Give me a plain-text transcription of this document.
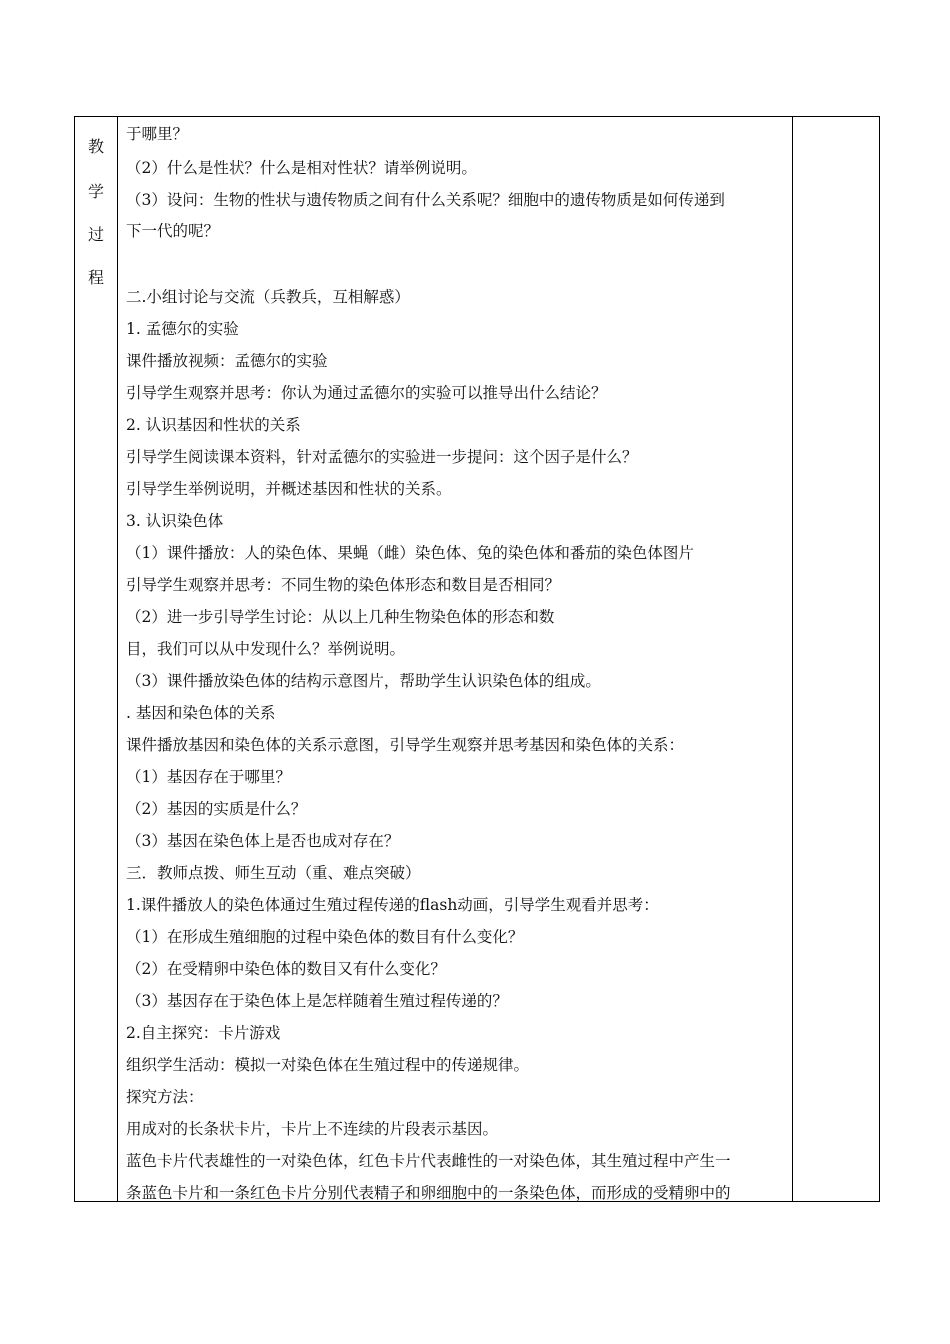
教
学
过
程
于哪里？
（2）什么是性状？什么是相对性状？请举例说明。
（3）设问：生物的性状与遗传物质之间有什么关系呢？细胞中的遗传物质是如何传递到
下一代的呢？
二.小组讨论与交流（兵教兵，互相解惑）
1. 孟德尔的实验
课件播放视频：孟德尔的实验
引导学生观察并思考：你认为通过孟德尔的实验可以推导出什么结论？
2. 认识基因和性状的关系
引导学生阅读课本资料，针对孟德尔的实验进一步提问：这个因子是什么？
引导学生举例说明，并概述基因和性状的关系。
3. 认识染色体
（1）课件播放：人的染色体、果蝇（雌）染色体、兔的染色体和番茄的染色体图片
引导学生观察并思考：不同生物的染色体形态和数目是否相同？
（2）进一步引导学生讨论：从以上几种生物染色体的形态和数
目，我们可以从中发现什么？举例说明。
（3）课件播放染色体的结构示意图片，帮助学生认识染色体的组成。
. 基因和染色体的关系
课件播放基因和染色体的关系示意图，引导学生观察并思考基因和染色体的关系：
（1）基因存在于哪里？
（2）基因的实质是什么？
（3）基因在染色体上是否也成对存在？
三．教师点拨、师生互动（重、难点突破）
1.课件播放人的染色体通过生殖过程传递的flash动画，引导学生观看并思考：
（1）在形成生殖细胞的过程中染色体的数目有什么变化？
（2）在受精卵中染色体的数目又有什么变化？
（3）基因存在于染色体上是怎样随着生殖过程传递的？
2.自主探究：卡片游戏
组织学生活动：模拟一对染色体在生殖过程中的传递规律。
探究方法：
用成对的长条状卡片，卡片上不连续的片段表示基因。
蓝色卡片代表雄性的一对染色体，红色卡片代表雌性的一对染色体，其生殖过程中产生一
条蓝色卡片和一条红色卡片分别代表精子和卵细胞中的一条染色体，而形成的受精卵中的
